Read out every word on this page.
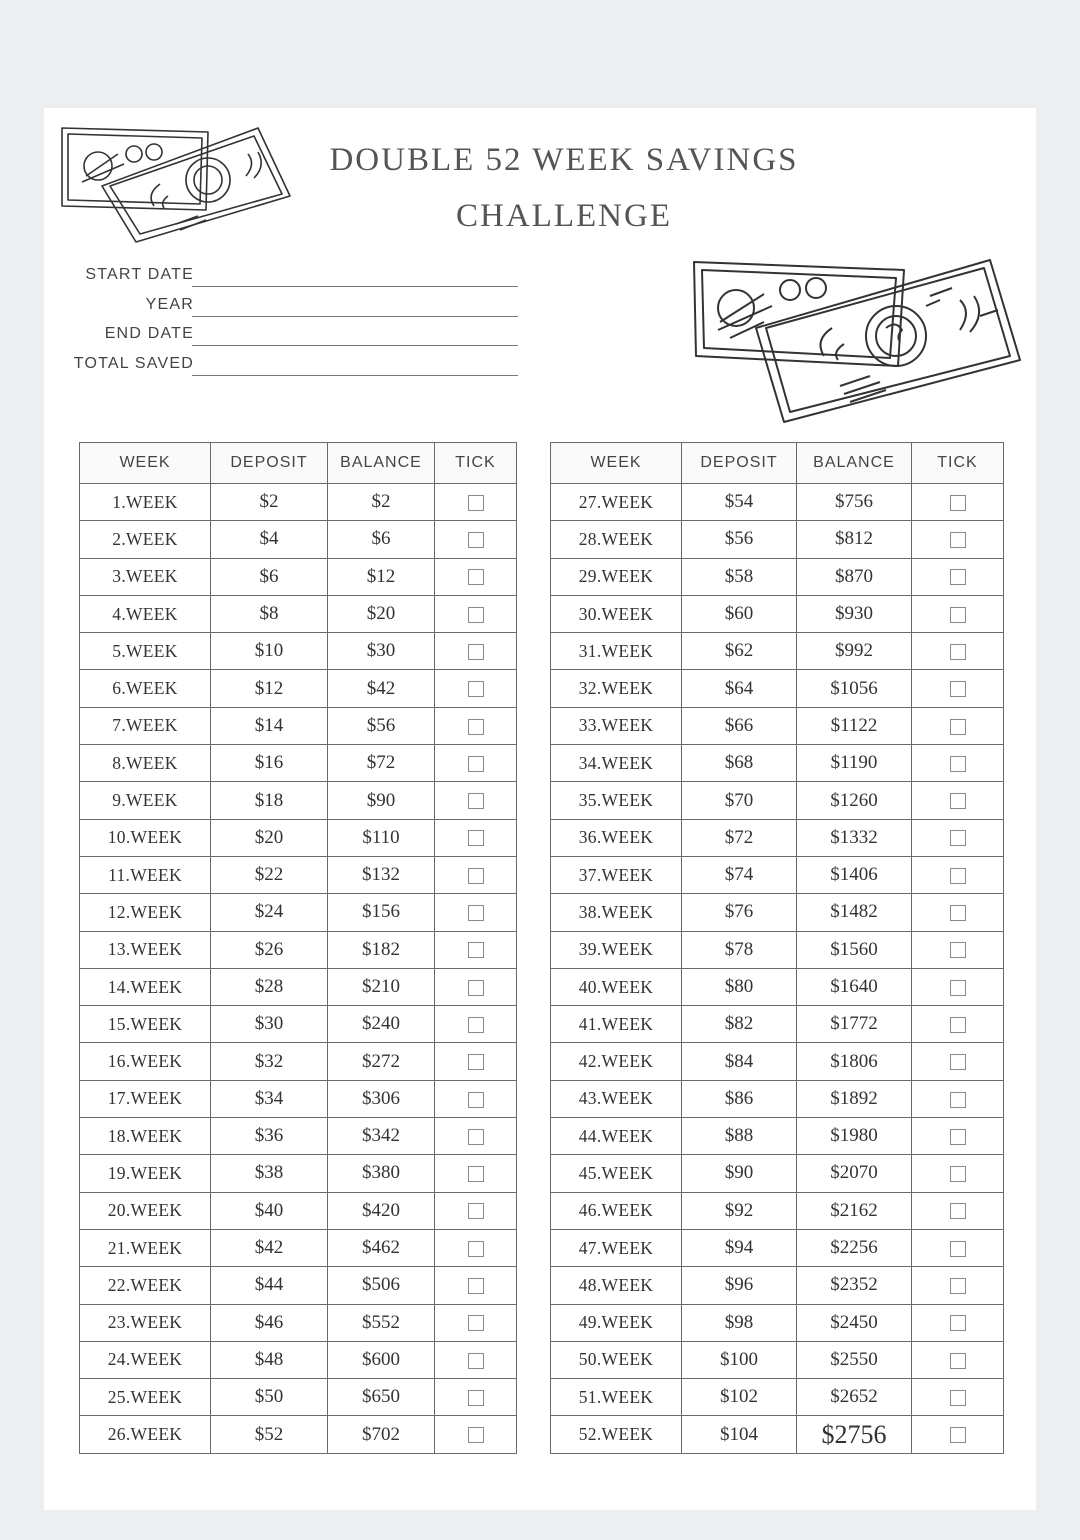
DOUBLE 52 WEEK SAVINGS
CHALLENGE
START DATE
YEAR
END DATE
TOTAL SAVED
WEEK	DEPOSIT	BALANCE	TICK
1.WEEK	$2	$2	
2.WEEK	$4	$6	
3.WEEK	$6	$12	
4.WEEK	$8	$20	
5.WEEK	$10	$30	
6.WEEK	$12	$42	
7.WEEK	$14	$56	
8.WEEK	$16	$72	
9.WEEK	$18	$90	
10.WEEK	$20	$110	
11.WEEK	$22	$132	
12.WEEK	$24	$156	
13.WEEK	$26	$182	
14.WEEK	$28	$210	
15.WEEK	$30	$240	
16.WEEK	$32	$272	
17.WEEK	$34	$306	
18.WEEK	$36	$342	
19.WEEK	$38	$380	
20.WEEK	$40	$420	
21.WEEK	$42	$462	
22.WEEK	$44	$506	
23.WEEK	$46	$552	
24.WEEK	$48	$600	
25.WEEK	$50	$650	
26.WEEK	$52	$702	
WEEK	DEPOSIT	BALANCE	TICK
27.WEEK	$54	$756	
28.WEEK	$56	$812	
29.WEEK	$58	$870	
30.WEEK	$60	$930	
31.WEEK	$62	$992	
32.WEEK	$64	$1056	
33.WEEK	$66	$1122	
34.WEEK	$68	$1190	
35.WEEK	$70	$1260	
36.WEEK	$72	$1332	
37.WEEK	$74	$1406	
38.WEEK	$76	$1482	
39.WEEK	$78	$1560	
40.WEEK	$80	$1640	
41.WEEK	$82	$1772	
42.WEEK	$84	$1806	
43.WEEK	$86	$1892	
44.WEEK	$88	$1980	
45.WEEK	$90	$2070	
46.WEEK	$92	$2162	
47.WEEK	$94	$2256	
48.WEEK	$96	$2352	
49.WEEK	$98	$2450	
50.WEEK	$100	$2550	
51.WEEK	$102	$2652	
52.WEEK	$104	$2756	
